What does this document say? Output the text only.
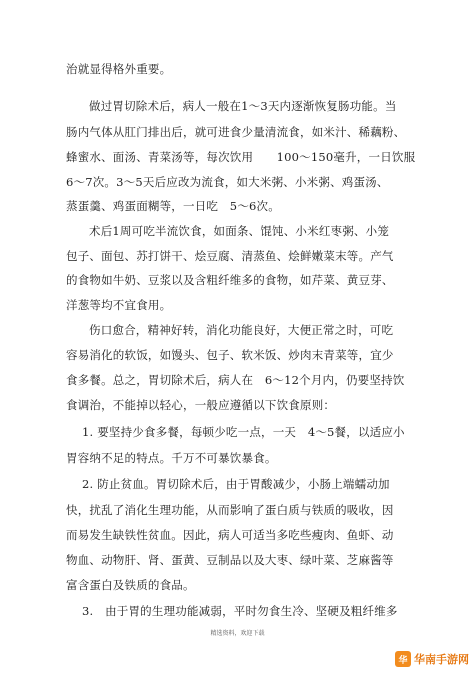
治就显得格外重要。
做过胃切除术后，病人一般在1～3天内逐渐恢复肠功能。当
肠内气体从肛门排出后，就可进食少量清流食，如米汁、稀藕粉、
蜂蜜水、面汤、青菜汤等，每次饮用　　100～150毫升，一日饮服
6～7次。3～5天后应改为流食，如大米粥、小米粥、鸡蛋汤、
蒸蛋羹、鸡蛋面糊等，一日吃　5～6次。
术后1周可吃半流饮食，如面条、馄饨、小米红枣粥、小笼
包子、面包、苏打饼干、烩豆腐、清蒸鱼、烩鲜嫩菜末等。产气
的食物如牛奶、豆浆以及含粗纤维多的食物，如芹菜、黄豆芽、
洋葱等均不宜食用。
伤口愈合，精神好转，消化功能良好，大便正常之时，可吃
容易消化的软饭，如馒头、包子、软米饭、炒肉末青菜等，宜少
食多餐。总之，胃切除术后，病人在　6～12个月内，仍要坚持饮
食调治，不能掉以轻心，一般应遵循以下饮食原则：
1. 要坚持少食多餐，每顿少吃一点，一天　4～5餐，以适应小
胃容纳不足的特点。千万不可暴饮暴食。
2. 防止贫血。胃切除术后，由于胃酸减少，小肠上端蠕动加
快，扰乱了消化生理功能，从而影响了蛋白质与铁质的吸收，因
而易发生缺铁性贫血。因此，病人可适当多吃些瘦肉、鱼虾、动
物血、动物肝、肾、蛋黄、豆制品以及大枣、绿叶菜、芝麻酱等
富含蛋白及铁质的食品。
3.　由于胃的生理功能减弱，平时勿食生冷、坚硬及粗纤维多
精选资料，欢迎下载
华 华南手游网
